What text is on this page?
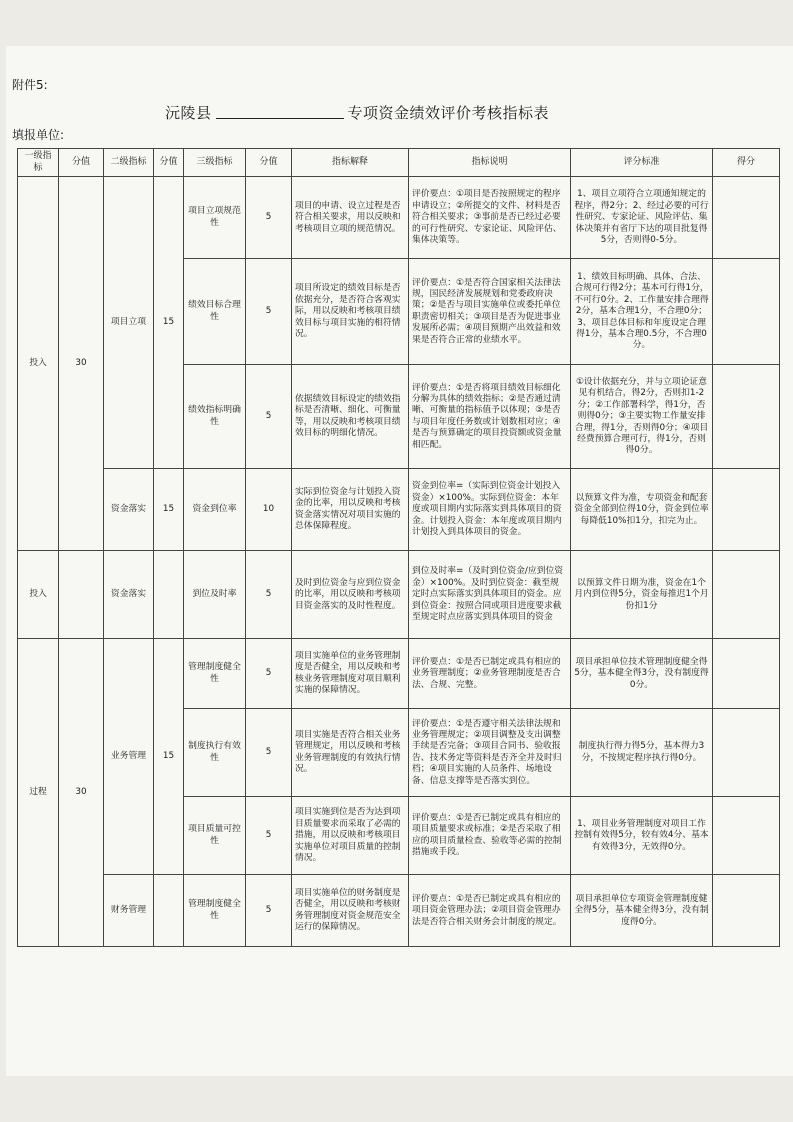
附件5:
沅陵县	专项资金绩效评价考核指标表
填报单位:
一级指标	分值	二级指标	分值	三级指标	分值	指标解释	指标说明	评分标准	得分
投入	30	项目立项	15	项目立项规范性	5	项目的申请、设立过程是否符合相关要求，用以反映和考核项目立项的规范情况。	评价要点：①项目是否按照规定的程序申请设立；②所提交的文件、材料是否符合相关要求；③事前是否已经过必要的可行性研究、专家论证、风险评估、集体决策等。	1、项目立项符合立项通知规定的程序，得2分；2、经过必要的可行性研究、专家论证、风险评估、集体决策并有省厅下达的项目批复得5分，否则得0-5分。	
				绩效目标合理性	5	项目所设定的绩效目标是否依据充分，是否符合客观实际，用以反映和考核项目绩效目标与项目实施的相符情况。	评价要点：①是否符合国家相关法律法规，国民经济发展规划和党委政府决策；②是否与项目实施单位或委托单位职责密切相关；③项目是否为促进事业发展所必需；④项目预期产出效益和效果是否符合正常的业绩水平。	1、绩效目标明确、具体、合法、合规可行得2分；基本可行得1分，不可行0分。2、工作量安排合理得2分，基本合理1分，不合理0分；3、项目总体目标和年度设定合理得1分，基本合理0.5分，不合理0分。	
				绩效指标明确性	5	依据绩效目标设定的绩效指标是否清晰、细化、可衡量等，用以反映和考核项目绩效目标的明细化情况。	评价要点：①是否将项目绩效目标细化分解为具体的绩效指标；②是否通过清晰、可衡量的指标值予以体现；③是否与项目年度任务数或计划数相对应；④是否与预算确定的项目投资额或资金量相匹配。	①设计依据充分，并与立项论证意见有机结合，得2分，否则扣1-2分；②工作部署科学，得1分，否则得0分；③主要实物工作量安排合理，得1分，否则得0分；④项目经费预算合理可行，得1分，否则得0分。	
		资金落实	15	资金到位率	10	实际到位资金与计划投入资金的比率，用以反映和考核资金落实情况对项目实施的总体保障程度。	资金到位率=（实际到位资金计划投入资金）×100%。实际到位资金：本年度或项目期内实际落实到具体项目的资金。计划投入资金：本年度或项目期内计划投入到具体项目的资金。	以预算文件为准，专项资金和配套资金全部到位得10分，资金到位率每降低10%扣1分，扣完为止。	
投入		资金落实		到位及时率	5	及时到位资金与应到位资金的比率，用以反映和考核项目资金落实的及时性程度。	到位及时率=（及时到位资金/应到位资金）×100%。及时到位资金：截至规定时点实际落实到具体项目的资金。应到位资金：按照合同或项目进度要求截至规定时点应落实到具体项目的资金	以预算文件日期为准，资金在1个月内到位得5分，资金每推迟1个月份扣1分	
过程	30	业务管理	15	管理制度健全性	5	项目实施单位的业务管理制度是否健全，用以反映和考核业务管理制度对项目顺利实施的保障情况。	评价要点：①是否已制定或具有相应的业务管理制度；②业务管理制度是否合法、合规、完整。	项目承担单位技术管理制度健全得5分，基本健全得3分，没有制度得0分。	
				制度执行有效性	5	项目实施是否符合相关业务管理规定，用以反映和考核业务管理制度的有效执行情况。	评价要点：①是否遵守相关法律法规和业务管理规定；②项目调整及支出调整手续是否完备；③项目合同书、验收报告、技术务定等资料是否齐全并及时归档；④项目实施的人员条件、场地设备、信息支撑等是否落实到位。	制度执行得力得5分，基本得力3分，不按规定程序执行得0分。	
				项目质量可控性	5	项目实施到位是否为达到项目质量要求而采取了必需的措施，用以反映和考核项目实施单位对项目质量的控制情况。	评价要点：①是否已制定或具有相应的项目质量要求或标准；②是否采取了相应的项目质量检查、验收等必需的控制措施或手段。	1、项目业务管理制度对项目工作控制有效得5分，较有效4分、基本有效得3分，无效得0分。	
		财务管理		管理制度健全性	5	项目实施单位的财务制度是否健全，用以反映和考核财务管理制度对资金规范安全运行的保障情况。	评价要点：①是否已制定或具有相应的项目资金管理办法；②项目资金管理办法是否符合相关财务会计制度的规定。	项目承担单位专项资金管理制度健全得5分，基本健全得3分，没有制度得0分。	
